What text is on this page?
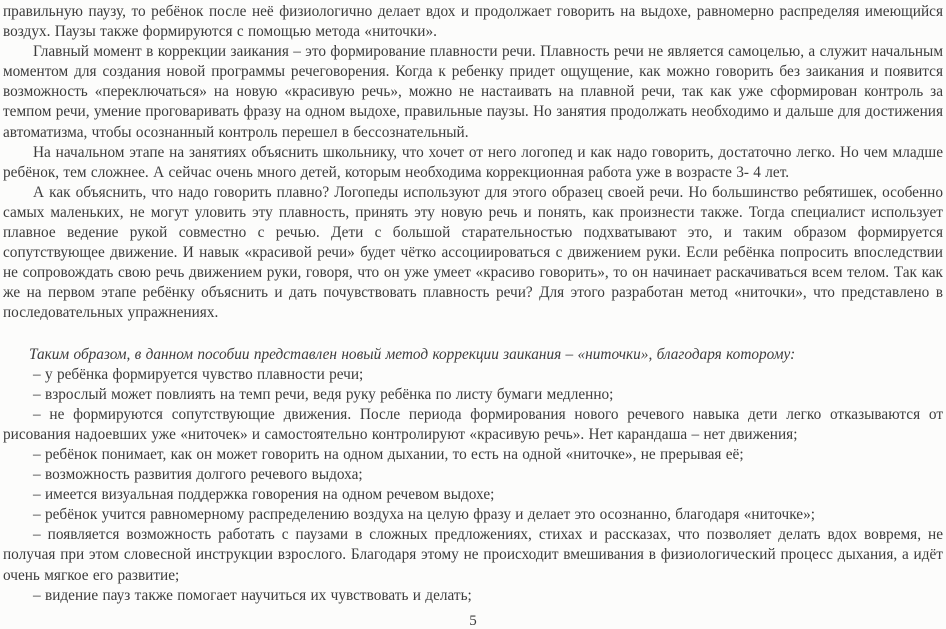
правильную паузу, то ребёнок после неё физиологично делает вдох и продолжает говорить на выдохе, равномерно распределяя имеющийся воздух. Паузы также формируются с помощью метода «ниточки».

Главный момент в коррекции заикания – это формирование плавности речи. Плавность речи не является самоцелью, а служит начальным моментом для создания новой программы речеговорения. Когда к ребенку придет ощущение, как можно говорить без заикания и появится возможность «переключаться» на новую «красивую речь», можно не настаивать на плавной речи, так как уже сформирован контроль за темпом речи, умение проговаривать фразу на одном выдохе, правильные паузы. Но занятия продолжать необходимо и дальше для достижения автоматизма, чтобы осознанный контроль перешел в бессознательный.

На начальном этапе на занятиях объяснить школьнику, что хочет от него логопед и как надо говорить, достаточно легко. Но чем младше ребёнок, тем сложнее. А сейчас очень много детей, которым необходима коррекционная работа уже в возрасте 3- 4 лет.

А как объяснить, что надо говорить плавно? Логопеды используют для этого образец своей речи. Но большинство ребятишек, особенно самых маленьких, не могут уловить эту плавность, принять эту новую речь и понять, как произнести также. Тогда специалист использует плавное ведение рукой совместно с речью. Дети с большой старательностью подхватывают это, и таким образом формируется сопутствующее движение. И навык «красивой речи» будет чётко ассоциироваться с движением руки. Если ребёнка попросить впоследствии не сопровождать свою речь движением руки, говоря, что он уже умеет «красиво говорить», то он начинает раскачиваться всем телом. Так как же на первом этапе ребёнку объяснить и дать почувствовать плавность речи? Для этого разработан метод «ниточки», что представлено в последовательных упражнениях.

Таким образом, в данном пособии представлен новый метод коррекции заикания – «ниточки», благодаря которому:

– у ребёнка формируется чувство плавности речи;

– взрослый может повлиять на темп речи, ведя руку ребёнка по листу бумаги медленно;

– не формируются сопутствующие движения. После периода формирования нового речевого навыка дети легко отказываются от рисования надоевших уже «ниточек» и самостоятельно контролируют «красивую речь». Нет карандаша – нет движения;

– ребёнок понимает, как он может говорить на одном дыхании, то есть на одной «ниточке», не прерывая её;

– возможность развития долгого речевого выдоха;

– имеется визуальная поддержка говорения на одном речевом выдохе;

– ребёнок учится равномерному распределению воздуха на целую фразу и делает это осознанно, благодаря «ниточке»;

– появляется возможность работать с паузами в сложных предложениях, стихах и рассказах, что позволяет делать вдох вовремя, не получая при этом словесной инструкции взрослого. Благодаря этому не происходит вмешивания в физиологический процесс дыхания, а идёт очень мягкое его развитие;

– видение пауз также помогает научиться их чувствовать и делать;

5
